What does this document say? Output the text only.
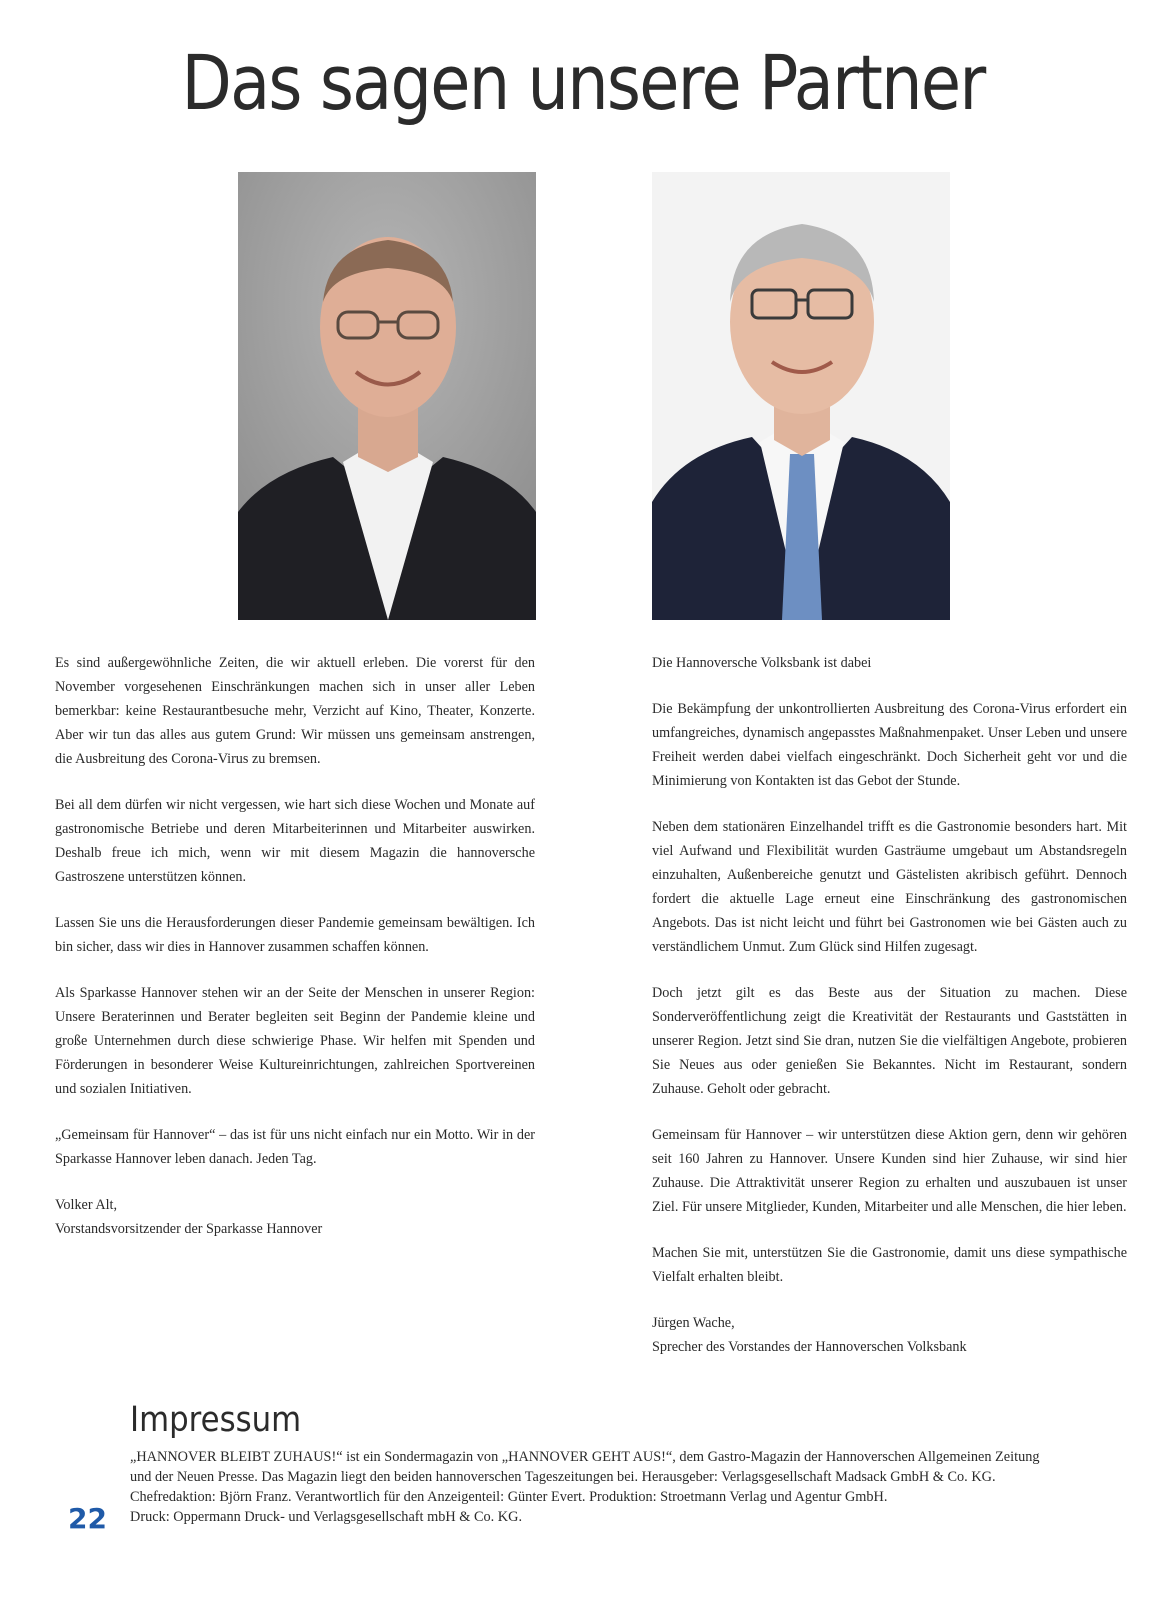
Das sagen unsere Partner

Es sind außergewöhnliche Zeiten, die wir aktuell erleben. Die vorerst für den November vorgesehenen Einschränkungen machen sich in unser aller Leben bemerkbar: keine Restaurantbesuche mehr, Verzicht auf Kino, Theater, Konzerte. Aber wir tun das alles aus gutem Grund: Wir müssen uns gemeinsam anstrengen, die Ausbreitung des Corona-Virus zu bremsen.

Bei all dem dürfen wir nicht vergessen, wie hart sich diese Wochen und Monate auf gastronomische Betriebe und deren Mitarbeiterinnen und Mitarbeiter auswirken. Deshalb freue ich mich, wenn wir mit diesem Magazin die hannoversche Gastroszene unterstützen können.

Lassen Sie uns die Herausforderungen dieser Pandemie gemeinsam bewältigen. Ich bin sicher, dass wir dies in Hannover zusammen schaffen können.

Als Sparkasse Hannover stehen wir an der Seite der Menschen in unserer Region: Unsere Beraterinnen und Berater begleiten seit Beginn der Pandemie kleine und große Unternehmen durch diese schwierige Phase. Wir helfen mit Spenden und Förderungen in besonderer Weise Kultureinrichtungen, zahlreichen Sportvereinen und sozialen Initiativen.

„Gemeinsam für Hannover“ – das ist für uns nicht einfach nur ein Motto. Wir in der Sparkasse Hannover leben danach. Jeden Tag.

Volker Alt,

Vorstandsvorsitzender der Sparkasse Hannover

Die Hannoversche Volksbank ist dabei

Die Bekämpfung der unkontrollierten Ausbreitung des Corona-Virus erfordert ein umfangreiches, dynamisch angepasstes Maßnahmenpaket. Unser Leben und unsere Freiheit werden dabei vielfach eingeschränkt. Doch Sicherheit geht vor und die Minimierung von Kontakten ist das Gebot der Stunde.

Neben dem stationären Einzelhandel trifft es die Gastronomie besonders hart. Mit viel Aufwand und Flexibilität wurden Gasträume umgebaut um Abstandsregeln einzuhalten, Außenbereiche genutzt und Gästelisten akribisch geführt. Dennoch fordert die aktuelle Lage erneut eine Einschränkung des gastronomischen Angebots. Das ist nicht leicht und führt bei Gastronomen wie bei Gästen auch zu verständlichem Unmut. Zum Glück sind Hilfen zugesagt.

Doch jetzt gilt es das Beste aus der Situation zu machen. Diese Sonderveröffentlichung zeigt die Kreativität der Restaurants und Gaststätten in unserer Region. Jetzt sind Sie dran, nutzen Sie die vielfältigen Angebote, probieren Sie Neues aus oder genießen Sie Bekanntes. Nicht im Restaurant, sondern Zuhause. Geholt oder gebracht.

Gemeinsam für Hannover – wir unterstützen diese Aktion gern, denn wir gehören seit 160 Jahren zu Hannover. Unsere Kunden sind hier Zuhause, wir sind hier Zuhause. Die Attraktivität unserer Region zu erhalten und auszubauen ist unser Ziel. Für unsere Mitglieder, Kunden, Mitarbeiter und alle Menschen, die hier leben.

Machen Sie mit, unterstützen Sie die Gastronomie, damit uns diese sympathische Vielfalt erhalten bleibt.

Jürgen Wache,

Sprecher des Vorstandes der Hannoverschen Volksbank

Impressum
„HANNOVER BLEIBT ZUHAUS!“ ist ein Sondermagazin von „HANNOVER GEHT AUS!“, dem Gastro-Magazin der Hannoverschen Allgemeinen Zeitung
und der Neuen Presse. Das Magazin liegt den beiden hannoverschen Tageszeitungen bei. Herausgeber: Verlagsgesellschaft Madsack GmbH & Co. KG.
Chefredaktion: Björn Franz. Verantwortlich für den Anzeigenteil: Günter Evert. Produktion: Stroetmann Verlag und Agentur GmbH.
Druck: Oppermann Druck- und Verlagsgesellschaft mbH & Co. KG.
22
